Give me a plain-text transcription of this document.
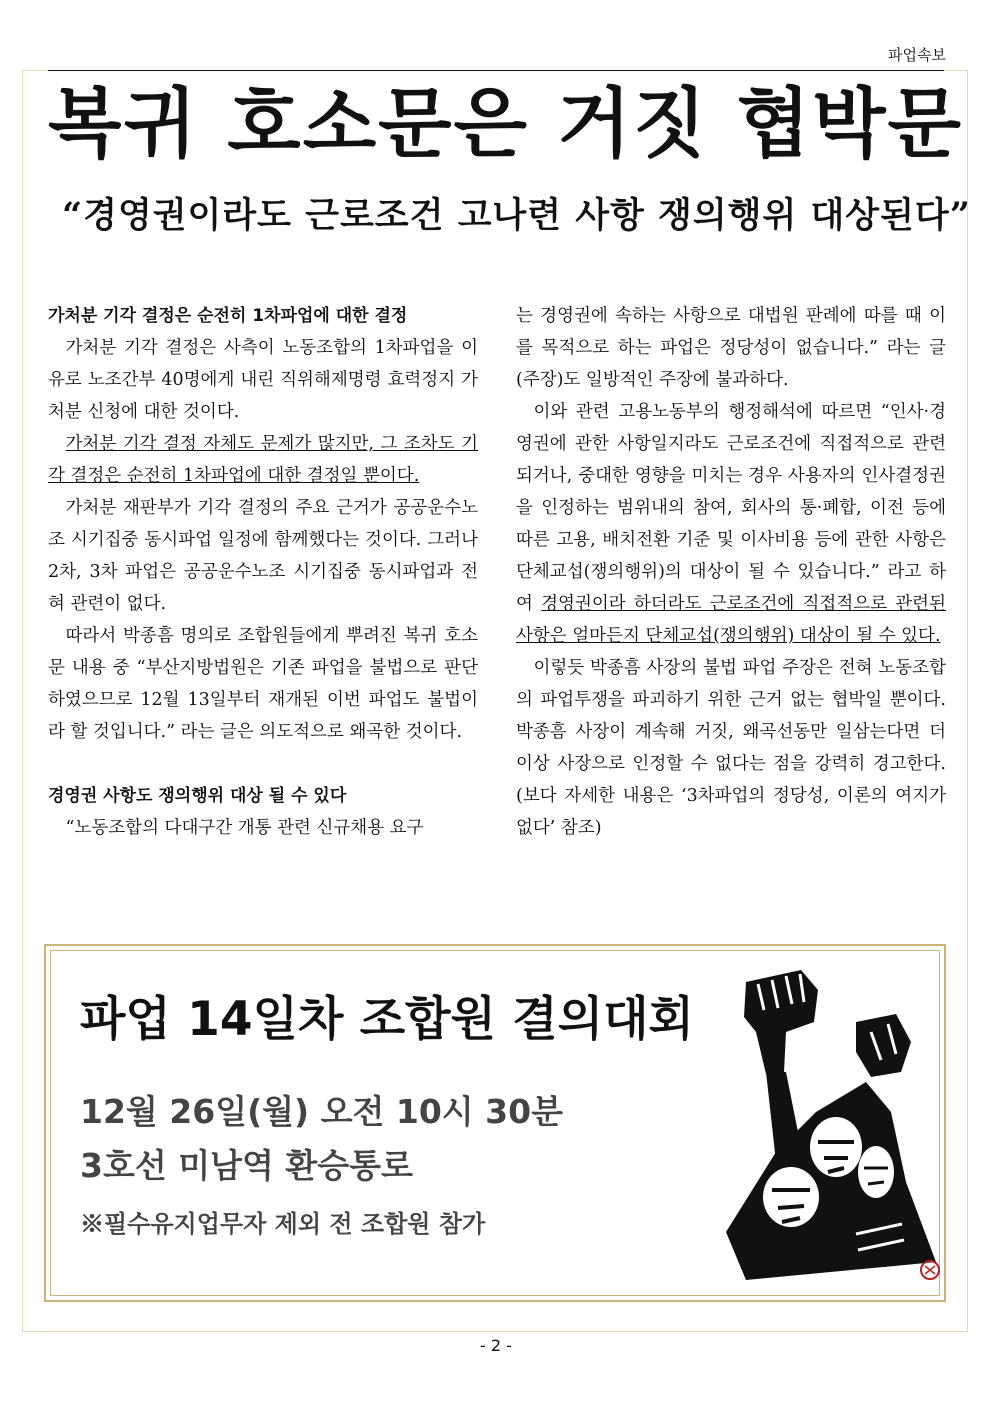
파업속보
복귀 호소문은 거짓 협박문
“경영권이라도 근로조건 고나련 사항 쟁의행위 대상된다”

가처분 기각 결정은 순전히 1차파업에 대한 결정

가처분 기각 결정은 사측이 노동조합의 1차파업을 이유로 노조간부 40명에게 내린 직위해제명령 효력정지 가처분 신청에 대한 것이다.

가처분 기각 결정 자체도 문제가 많지만, 그 조차도 기각 결정은 순전히 1차파업에 대한 결정일 뿐이다.

가처분 재판부가 기각 결정의 주요 근거가 공공운수노조 시기집중 동시파업 일정에 함께했다는 것이다. 그러나 2차, 3차 파업은 공공운수노조 시기집중 동시파업과 전혀 관련이 없다.

따라서 박종흠 명의로 조합원들에게 뿌려진 복귀 호소문 내용 중 “부산지방법원은 기존 파업을 불법으로 판단하였으므로 12월 13일부터 재개된 이번 파업도 불법이라 할 것입니다.” 라는 글은 의도적으로 왜곡한 것이다.

경영권 사항도 쟁의행위 대상 될 수 있다

“노동조합의 다대구간 개통 관련 신규채용 요구

는 경영권에 속하는 사항으로 대법원 판례에 따를 때 이를 목적으로 하는 파업은 정당성이 없습니다.” 라는 글(주장)도 일방적인 주장에 불과하다.

이와 관련 고용노동부의 행정해석에 따르면 “인사·경영권에 관한 사항일지라도 근로조건에 직접적으로 관련되거나, 중대한 영향을 미치는 경우 사용자의 인사결정권을 인정하는 범위내의 참여, 회사의 통·폐합, 이전 등에 따른 고용, 배치전환 기준 및 이사비용 등에 관한 사항은 단체교섭(쟁의행위)의 대상이 될 수 있습니다.” 라고 하여 경영권이라 하더라도 근로조건에 직접적으로 관련된 사항은 얼마든지 단체교섭(쟁의행위) 대상이 될 수 있다.

이렇듯 박종흠 사장의 불법 파업 주장은 전혀 노동조합의 파업투쟁을 파괴하기 위한 근거 없는 협박일 뿐이다. 박종흠 사장이 계속해 거짓, 왜곡선동만 일삼는다면 더 이상 사장으로 인정할 수 없다는 점을 강력히 경고한다.(보다 자세한 내용은 ‘3차파업의 정당성, 이론의 여지가 없다’ 참조)

파업 14일차 조합원 결의대회
12월 26일(월) 오전 10시 30분
3호선 미남역 환승통로
※필수유지업무자 제외 전 조합원 참가
- 2 -
